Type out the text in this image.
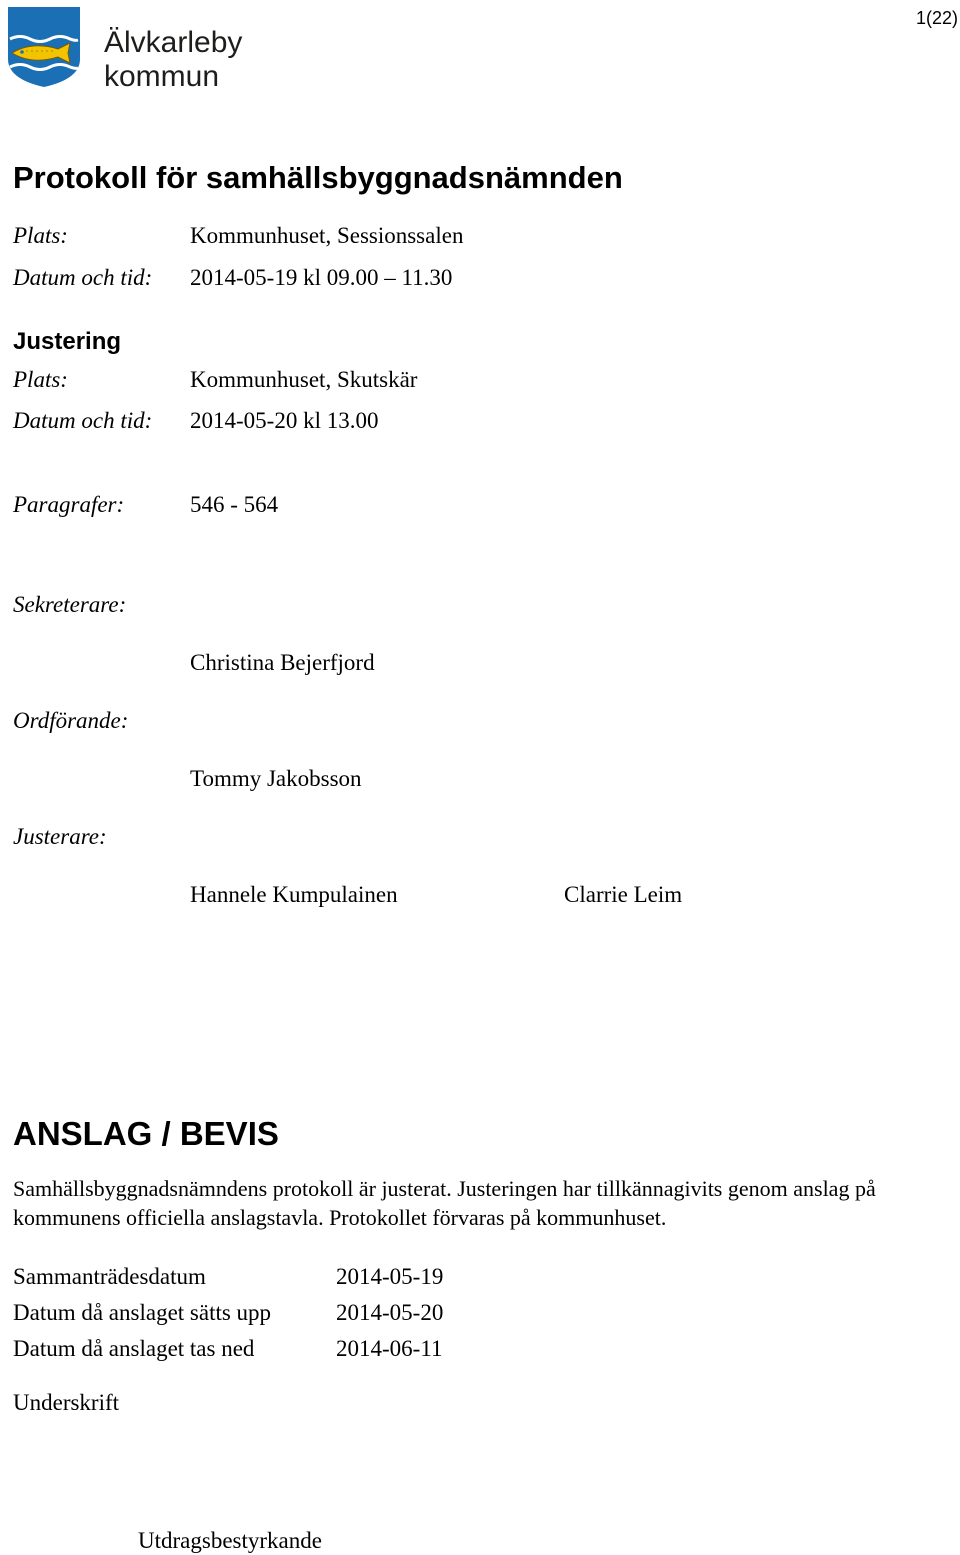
Älvkarleby
kommun
1(22)
Protokoll för samhällsbyggnadsnämnden
Plats:	Kommunhuset, Sessionssalen
Datum och tid: 2014-05-19 kl 09.00 – 11.30
Justering
Plats:	Kommunhuset, Skutskär
Datum och tid: 2014-05-20 kl 13.00
Paragrafer:	546 - 564
Sekreterare:
Christina Bejerfjord
Ordförande:
Tommy Jakobsson
Justerare:
Hannele Kumpulainen	Clarrie Leim
ANSLAG / BEVIS
Samhällsbyggnadsnämndens protokoll är justerat. Justeringen har tillkännagivits genom anslag på kommunens officiella anslagstavla. Protokollet förvaras på kommunhuset.
Sammanträdesdatum	2014-05-19
Datum då anslaget sätts upp	2014-05-20
Datum då anslaget tas ned	2014-06-11
Underskrift
Utdragsbestyrkande
